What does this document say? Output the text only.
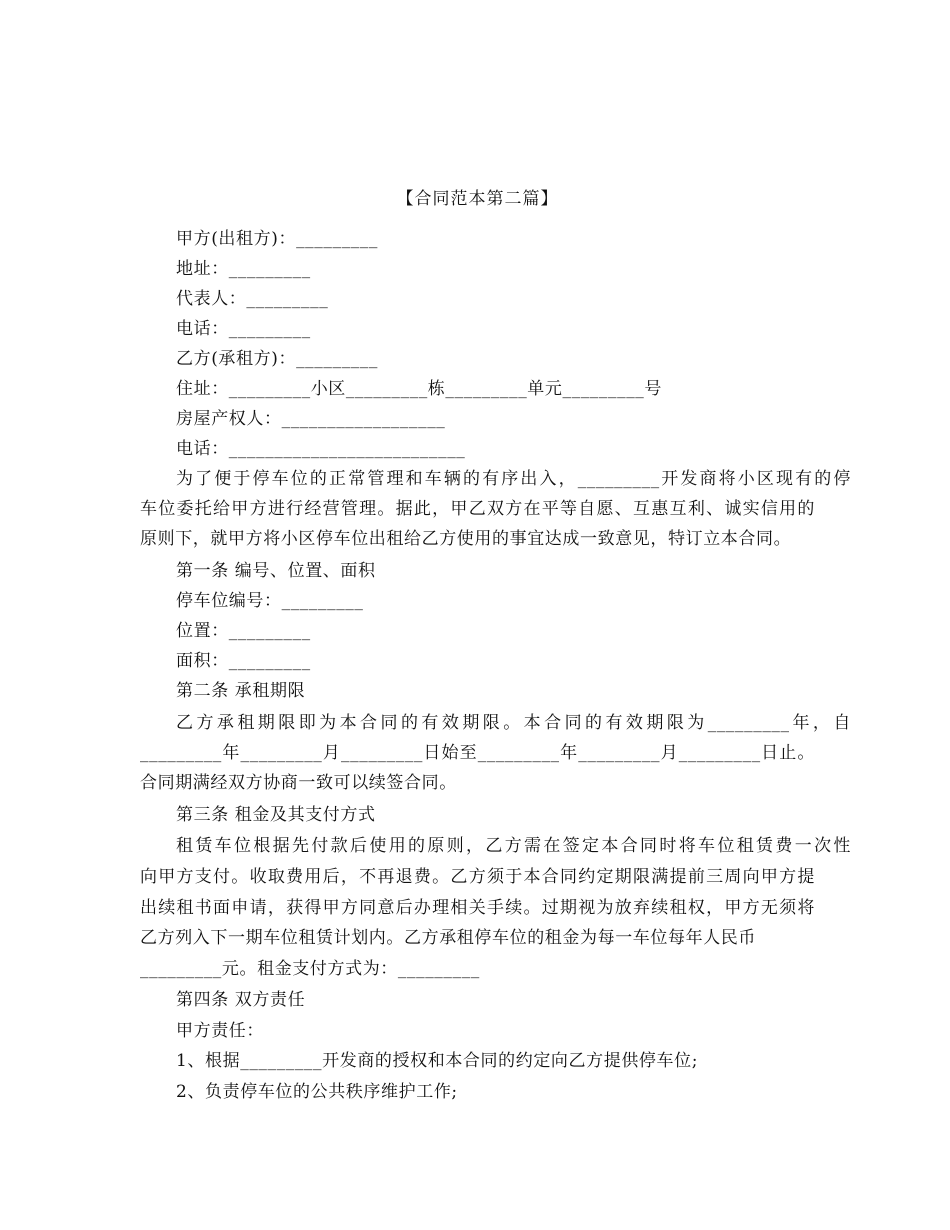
【合同范本第二篇】
甲方(出租方)：_________
地址：_________
代表人：_________
电话：_________
乙方(承租方)：_________
住址：_________小区_________栋_________单元_________号
房屋产权人：__________________
电话：__________________________
为了便于停车位的正常管理和车辆的有序出入，_________开发商将小区现有的停
车位委托给甲方进行经营管理。据此，甲乙双方在平等自愿、互惠互利、诚实信用的
原则下，就甲方将小区停车位出租给乙方使用的事宜达成一致意见，特订立本合同。
第一条 编号、位置、面积
停车位编号：_________
位置：_________
面积：_________
第二条 承租期限
乙方承租期限即为本合同的有效期限。本合同的有效期限为_________年，自
_________年_________月_________日始至_________年_________月_________日止。
合同期满经双方协商一致可以续签合同。
第三条 租金及其支付方式
租赁车位根据先付款后使用的原则，乙方需在签定本合同时将车位租赁费一次性
向甲方支付。收取费用后，不再退费。乙方须于本合同约定期限满提前三周向甲方提
出续租书面申请，获得甲方同意后办理相关手续。过期视为放弃续租权，甲方无须将
乙方列入下一期车位租赁计划内。乙方承租停车位的租金为每一车位每年人民币
_________元。租金支付方式为：_________
第四条 双方责任
甲方责任：
1、根据_________开发商的授权和本合同的约定向乙方提供停车位;
2、负责停车位的公共秩序维护工作;
